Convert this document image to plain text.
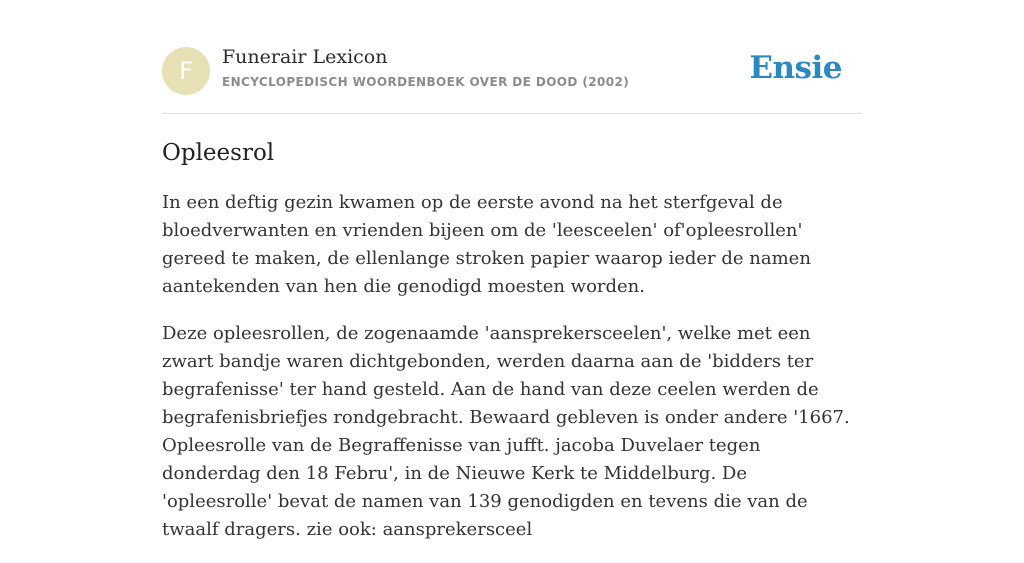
F	Funerair Lexicon
ENCYCLOPEDISCH WOORDENBOEK OVER DE DOOD (2002)	Ensie
Opleesrol

In een deftig gezin kwamen op de eerste avond na het sterfgeval de bloedverwanten en vrienden bijeen om de 'leesceelen' of'opleesrollen' gereed te maken, de ellenlange stroken papier waarop ieder de namen aantekenden van hen die genodigd moesten worden.

Deze opleesrollen, de zogenaamde 'aansprekersceelen', welke met een zwart bandje waren dichtgebonden, werden daarna aan de 'bidders ter begrafenisse' ter hand gesteld. Aan de hand van deze ceelen werden de begrafenisbriefjes rondgebracht. Bewaard gebleven is onder andere '1667. Opleesrolle van de Begraffenisse van jufft. jacoba Duvelaer tegen donderdag den 18 Febru', in de Nieuwe Kerk te Middelburg. De 'opleesrolle' bevat de namen van 139 genodigden en tevens die van de twaalf dragers. zie ook: aansprekersceel
